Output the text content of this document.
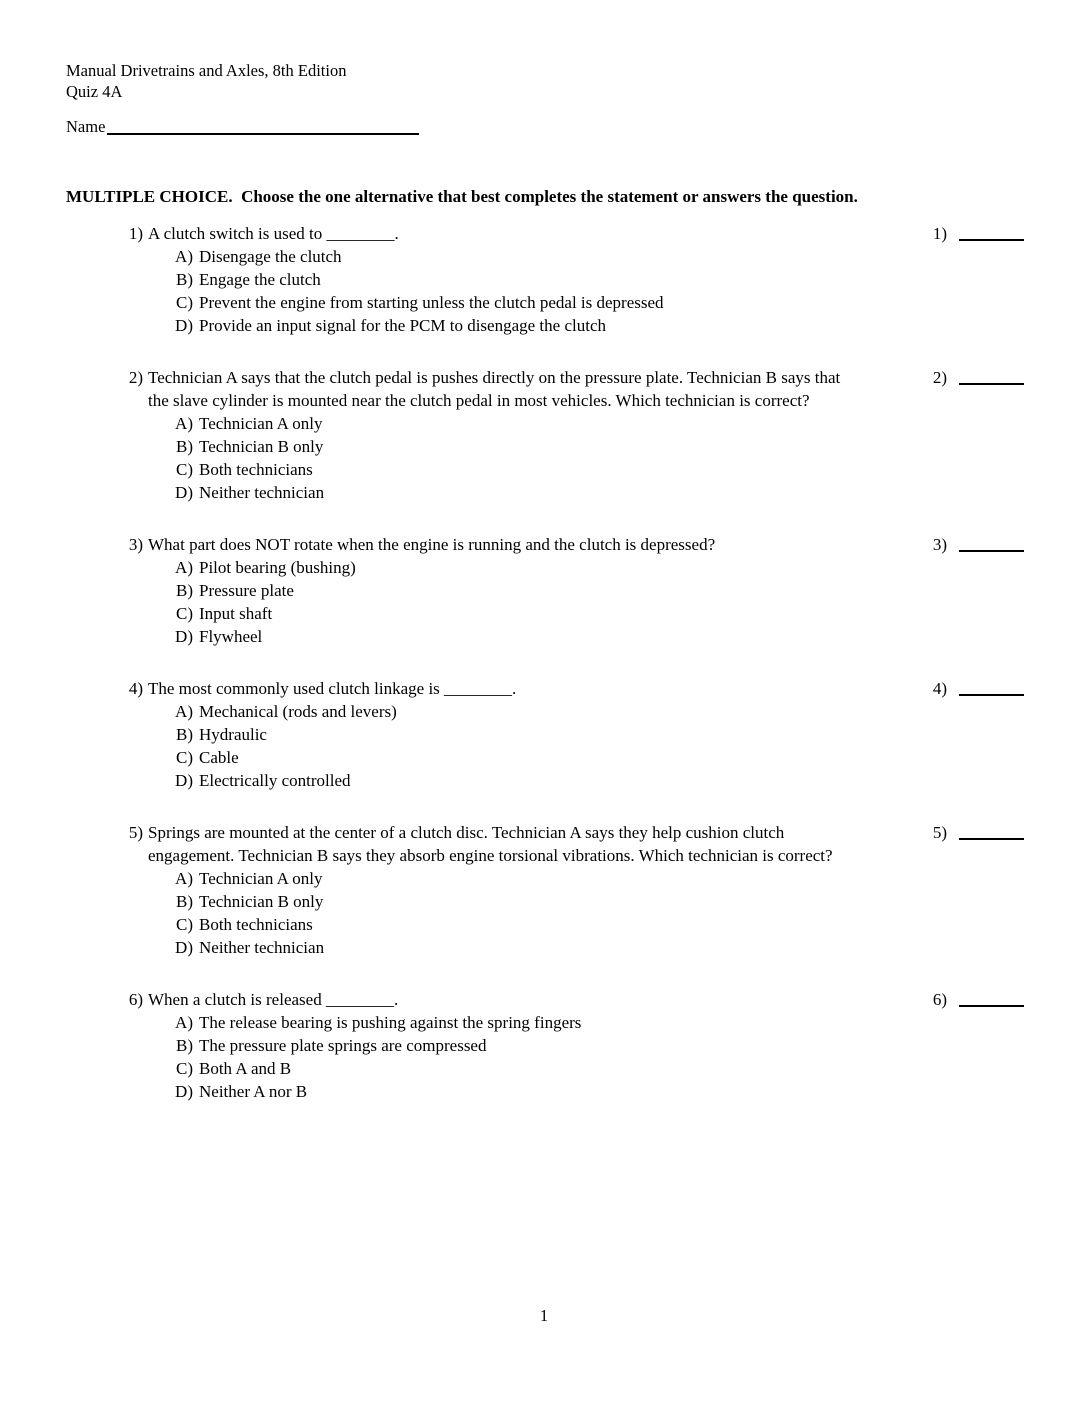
Manual Drivetrains and Axles, 8th Edition
Quiz 4A
Name
MULTIPLE CHOICE.  Choose the one alternative that best completes the statement or answers the question.
1) A clutch switch is used to ________.
A) Disengage the clutch
B) Engage the clutch
C) Prevent the engine from starting unless the clutch pedal is depressed
D) Provide an input signal for the PCM to disengage the clutch
1)
2) Technician A says that the clutch pedal is pushes directly on the pressure plate. Technician B says that the slave cylinder is mounted near the clutch pedal in most vehicles. Which technician is correct?
A) Technician A only
B) Technician B only
C) Both technicians
D) Neither technician
2)
3) What part does NOT rotate when the engine is running and the clutch is depressed?
A) Pilot bearing (bushing)
B) Pressure plate
C) Input shaft
D) Flywheel
3)
4) The most commonly used clutch linkage is ________.
A) Mechanical (rods and levers)
B) Hydraulic
C) Cable
D) Electrically controlled
4)
5) Springs are mounted at the center of a clutch disc. Technician A says they help cushion clutch engagement. Technician B says they absorb engine torsional vibrations. Which technician is correct?
A) Technician A only
B) Technician B only
C) Both technicians
D) Neither technician
5)
6) When a clutch is released ________.
A) The release bearing is pushing against the spring fingers
B) The pressure plate springs are compressed
C) Both A and B
D) Neither A nor B
6)
1
